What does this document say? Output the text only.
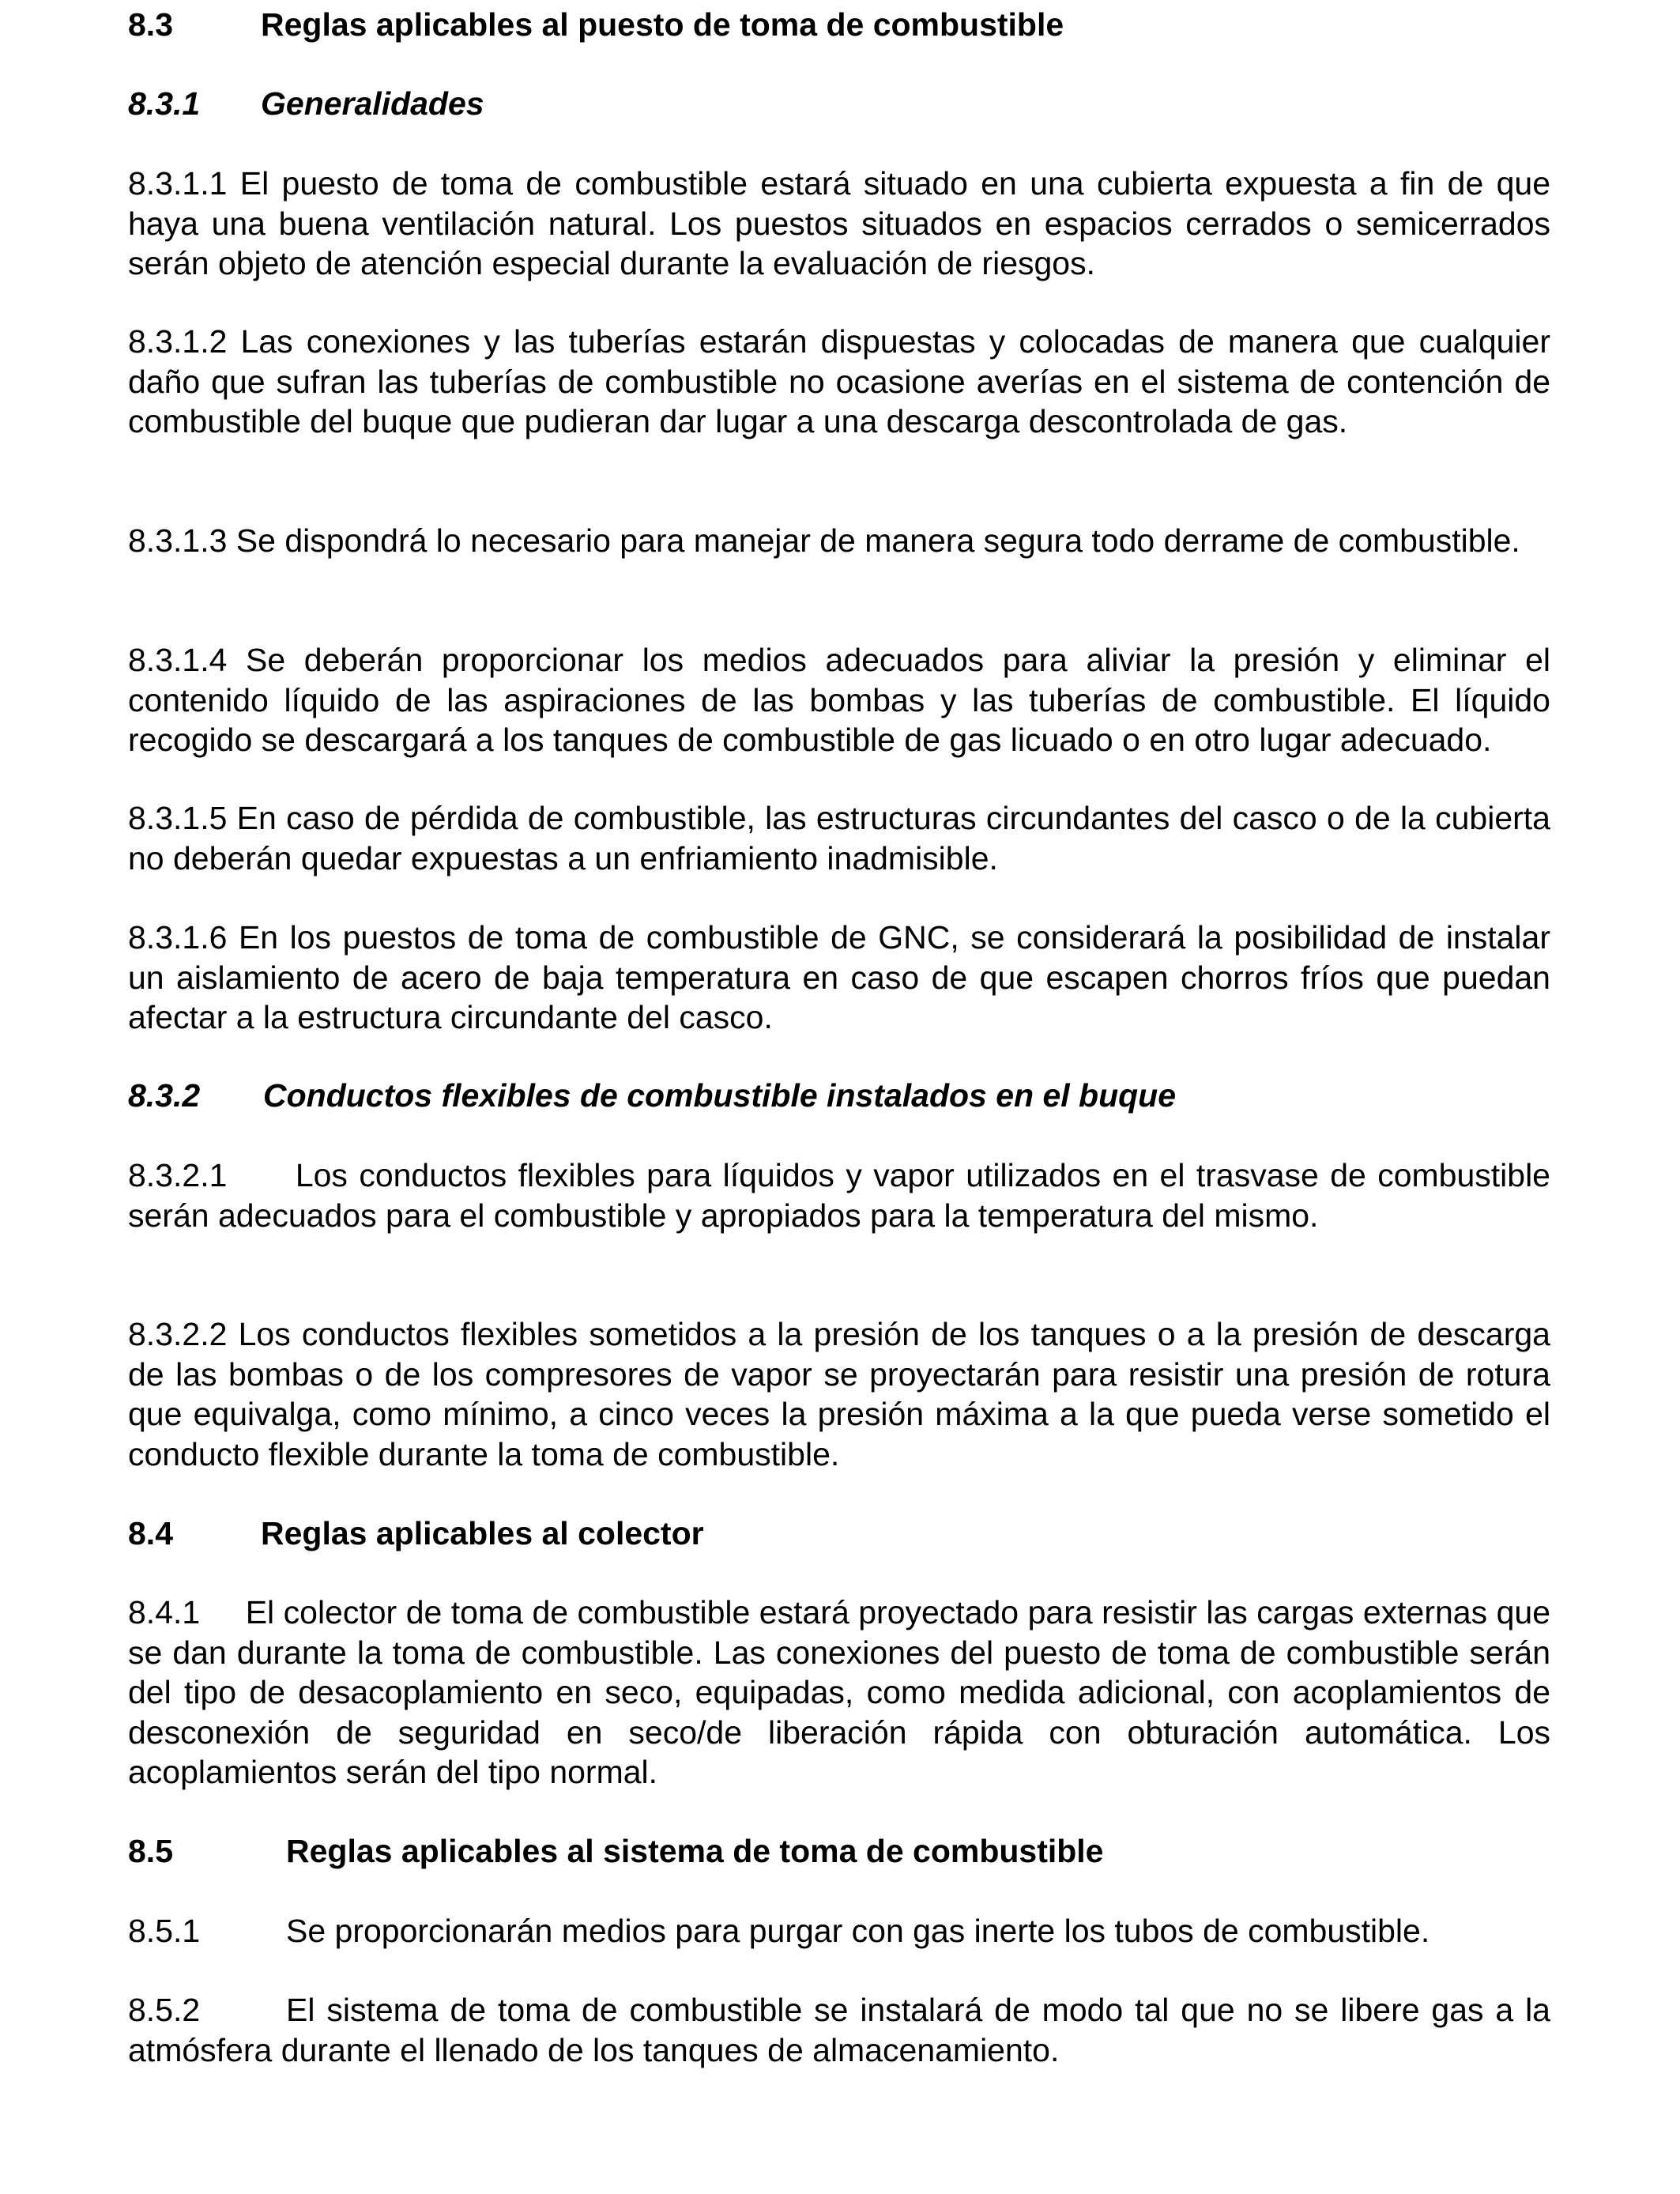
8.3	Reglas aplicables al puesto de toma de combustible
8.3.1 Generalidades
8.3.1.1 El puesto de toma de combustible estará situado en una cubierta expuesta a fin de que haya una buena ventilación natural. Los puestos situados en espacios cerrados o semicerrados serán objeto de atención especial durante la evaluación de riesgos.
8.3.1.2 Las conexiones y las tuberías estarán dispuestas y colocadas de manera que cualquier daño que sufran las tuberías de combustible no ocasione averías en el sistema de contención de combustible del buque que pudieran dar lugar a una descarga descontrolada de gas.
8.3.1.3 Se dispondrá lo necesario para manejar de manera segura todo derrame de combustible.
8.3.1.4 Se deberán proporcionar los medios adecuados para aliviar la presión y eliminar el contenido líquido de las aspiraciones de las bombas y las tuberías de combustible. El líquido recogido se descargará a los tanques de combustible de gas licuado o en otro lugar adecuado.
8.3.1.5 En caso de pérdida de combustible, las estructuras circundantes del casco o de la cubierta no deberán quedar expuestas a un enfriamiento inadmisible.
8.3.1.6 En los puestos de toma de combustible de GNC, se considerará la posibilidad de instalar un aislamiento de acero de baja temperatura en caso de que escapen chorros fríos que puedan afectar a la estructura circundante del casco.
8.3.2 Conductos flexibles de combustible instalados en el buque
8.3.2.1 Los conductos flexibles para líquidos y vapor utilizados en el trasvase de combustible serán adecuados para el combustible y apropiados para la temperatura del mismo.
8.3.2.2 Los conductos flexibles sometidos a la presión de los tanques o a la presión de descarga de las bombas o de los compresores de vapor se proyectarán para resistir una presión de rotura que equivalga, como mínimo, a cinco veces la presión máxima a la que pueda verse sometido el conducto flexible durante la toma de combustible.
8.4	Reglas aplicables al colector
8.4.1 El colector de toma de combustible estará proyectado para resistir las cargas externas que se dan durante la toma de combustible. Las conexiones del puesto de toma de combustible serán del tipo de desacoplamiento en seco, equipadas, como medida adicional, con acoplamientos de desconexión de seguridad en seco/de liberación rápida con obturación automática. Los acoplamientos serán del tipo normal.
8.5	Reglas aplicables al sistema de toma de combustible
8.5.1	Se proporcionarán medios para purgar con gas inerte los tubos de combustible.
8.5.2	El sistema de toma de combustible se instalará de modo tal que no se libere gas a la atmósfera durante el llenado de los tanques de almacenamiento.
